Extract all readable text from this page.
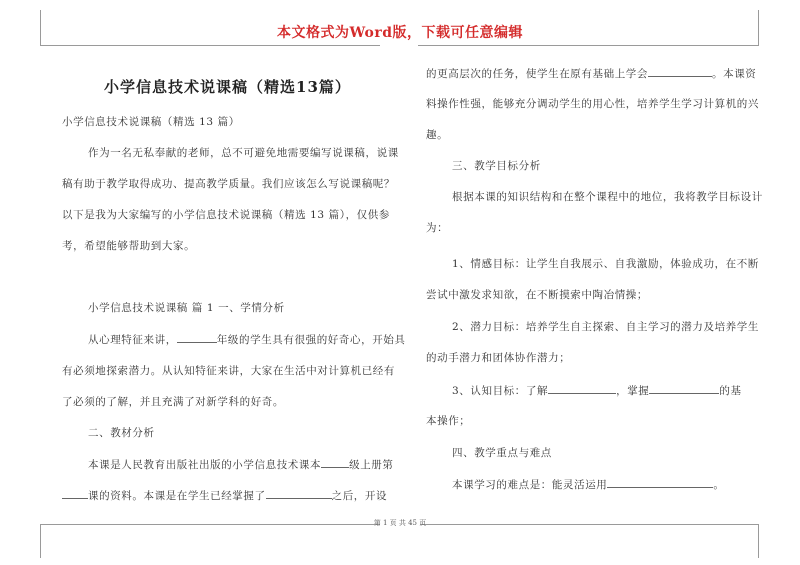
本文格式为Word版，下载可任意编辑
小学信息技术说课稿（精选13篇）
小学信息技术说课稿（精选 13 篇）
作为一名无私奉献的老师，总不可避免地需要编写说课稿，说课
稿有助于教学取得成功、提高教学质量。我们应该怎么写说课稿呢？
以下是我为大家编写的小学信息技术说课稿（精选 13 篇），仅供参
考，希望能够帮助到大家。
小学信息技术说课稿 篇 1 一、学情分析
从心理特征来讲，	年级的学生具有很强的好奇心，开始具
有必须地探索潜力。从认知特征来讲，大家在生活中对计算机已经有
了必须的了解，并且充满了对新学科的好奇。
二、教材分析
本课是人民教育出版社出版的小学信息技术课本	级上册第
课的资料。本课是在学生已经掌握了	之后，开设
的更高层次的任务，使学生在原有基础上学会	。本课资
料操作性强，能够充分调动学生的用心性，培养学生学习计算机的兴
趣。
三、教学目标分析
根据本课的知识结构和在整个课程中的地位，我将教学目标设计
为：
1、情感目标：让学生自我展示、自我激励，体验成功，在不断
尝试中激发求知欲，在不断摸索中陶冶情操；
2、潜力目标：培养学生自主探索、自主学习的潜力及培养学生
的动手潜力和团体协作潜力；
3、认知目标：了解	，掌握	的基
本操作；
四、教学重点与难点
本课学习的难点是：能灵活运用	。
第 1 页 共 45 页
